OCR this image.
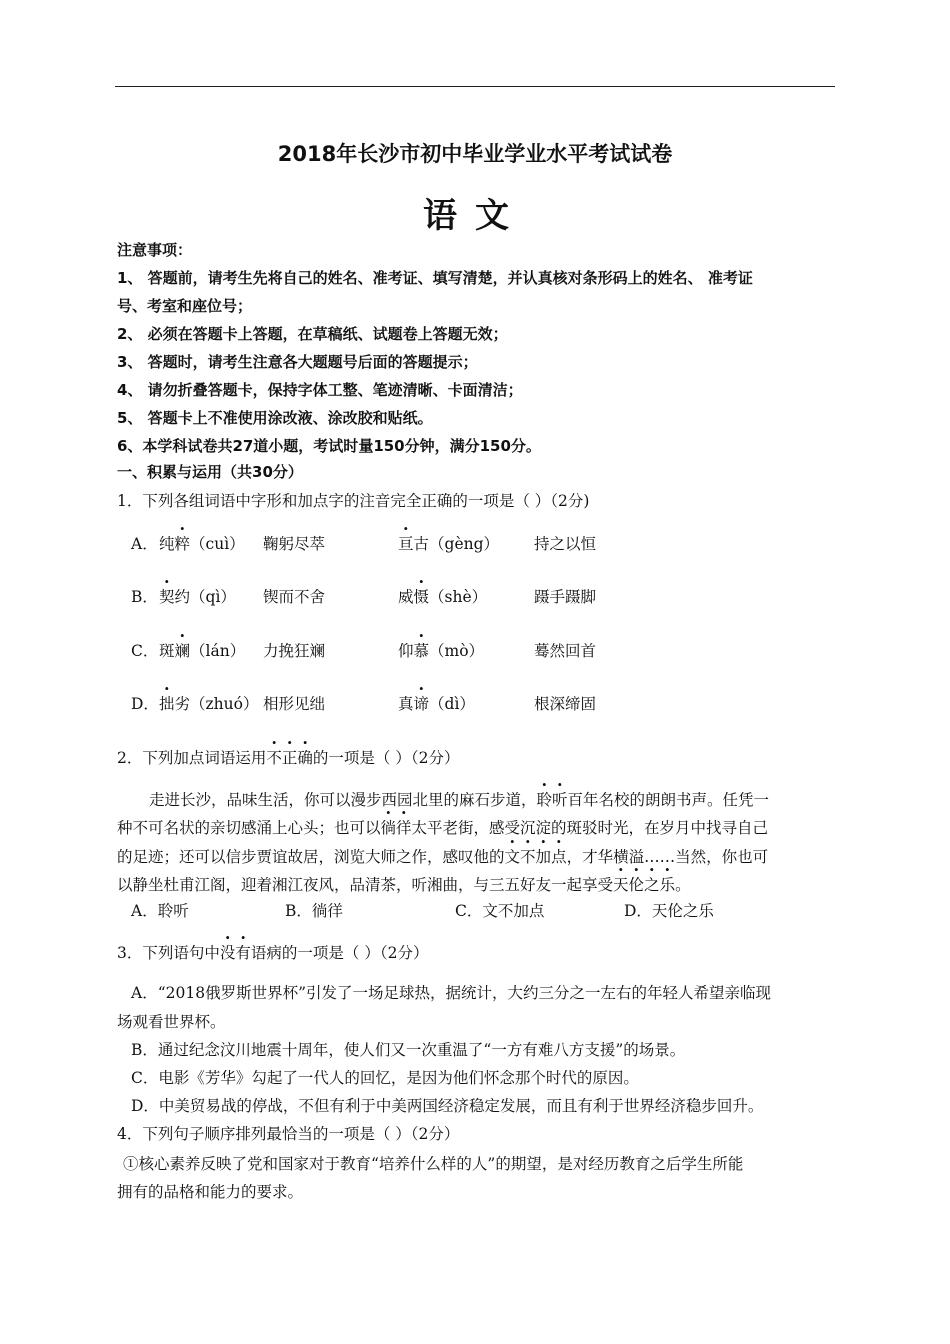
2018年长沙市初中毕业学业水平考试试卷
语文
注意事项：
1、 答题前，请考生先将自己的姓名、准考证、填写清楚，并认真核对条形码上的姓名、 准考证
号、考室和座位号；
2、 必须在答题卡上答题，在草稿纸、试题卷上答题无效；
3、 答题时，请考生注意各大题题号后面的答题提示；
4、 请勿折叠答题卡，保持字体工整、笔迹清晰、卡面清洁；
5、 答题卡上不准使用涂改液、涂改胶和贴纸。
6、本学科试卷共27道小题，考试时量150分钟，满分150分。
一、积累与运用（共30分）
1．下列各组词语中字形和加点字的注音完全正确的一项是（ ）（2分)
A． 纯粹（cuì） 鞠躬尽萃	亘古（gèng） 持之以恒
B． 契约（qì） 锲而不舍	威慑（shè）	蹑手蹑脚
C． 斑斓（lán） 力挽狂斓	仰慕（mò）	蓦然回首
D． 拙劣（zhuó） 相形见绌	真谛（dì）	根深缔固
2．下列加点词语运用不正确的一项是（ ）（2分）
走进长沙，品味生活，你可以漫步西园北里的麻石步道，聆听百年名校的朗朗书声。任凭一
种不可名状的亲切感涌上心头；也可以徜徉太平老街，感受沉淀的斑驳时光，在岁月中找寻自己
的足迹；还可以信步贾谊故居，浏览大师之作，感叹他的文不加点，才华横溢……当然，你也可
以静坐杜甫江阁，迎着湘江夜风，品清茶，听湘曲，与三五好友一起享受天伦之乐。
A．聆听	B．徜徉	C．文不加点	D．天伦之乐
3．下列语句中没有语病的一项是（ ）（2分）
A．“2018俄罗斯世界杯”引发了一场足球热，据统计，大约三分之一左右的年轻人希望亲临现
场观看世界杯。
B．通过纪念汶川地震十周年，使人们又一次重温了“一方有难八方支援”的场景。
C．电影《芳华》勾起了一代人的回忆，是因为他们怀念那个时代的原因。
D．中美贸易战的停战，不但有利于中美两国经济稳定发展，而且有利于世界经济稳步回升。
4．下列句子顺序排列最恰当的一项是（ ）（2分）
①核心素养反映了党和国家对于教育“培养什么样的人”的期望，是对经历教育之后学生所能
拥有的品格和能力的要求。
